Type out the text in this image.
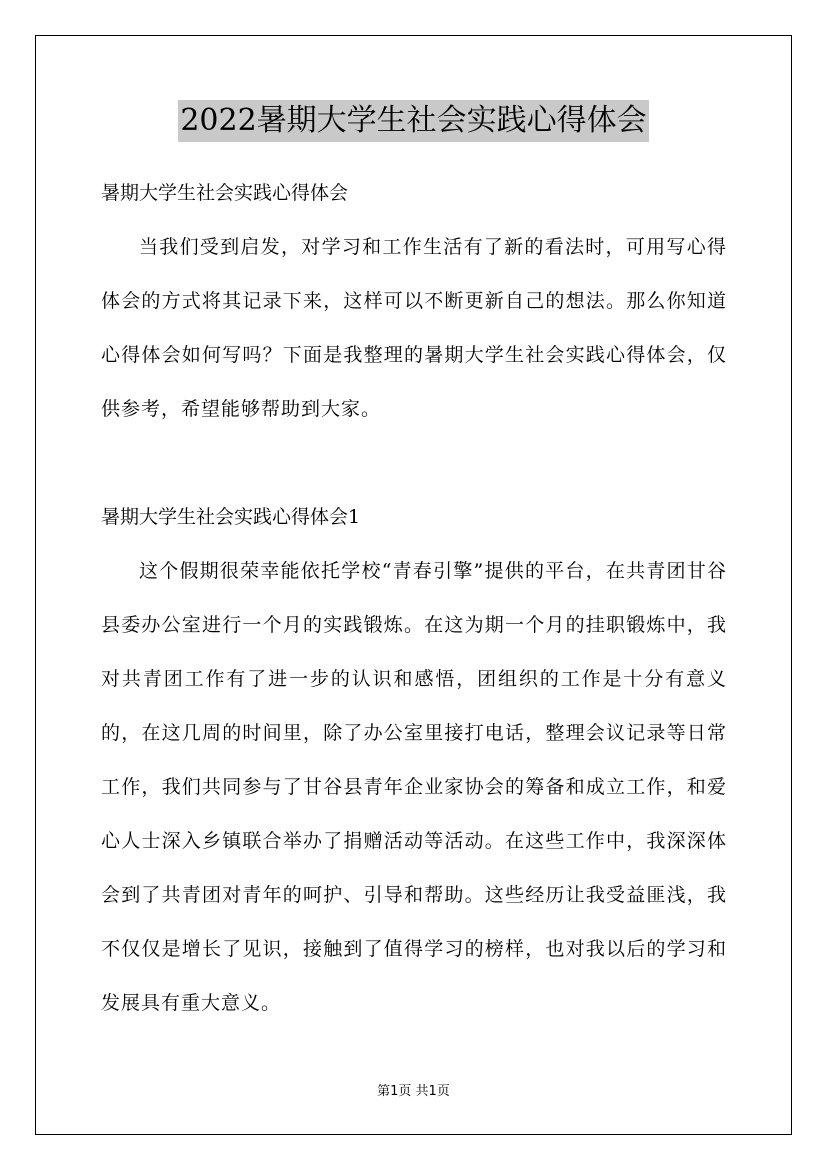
2022暑期大学生社会实践心得体会

暑期大学生社会实践心得体会

当我们受到启发，对学习和工作生活有了新的看法时，可用写心得体会的方式将其记录下来，这样可以不断更新自己的想法。那么你知道心得体会如何写吗？下面是我整理的暑期大学生社会实践心得体会，仅供参考，希望能够帮助到大家。

暑期大学生社会实践心得体会1

这个假期很荣幸能依托学校“青春引擎”提供的平台，在共青团甘谷县委办公室进行一个月的实践锻炼。在这为期一个月的挂职锻炼中，我对共青团工作有了进一步的认识和感悟，团组织的工作是十分有意义的，在这几周的时间里，除了办公室里接打电话，整理会议记录等日常工作，我们共同参与了甘谷县青年企业家协会的筹备和成立工作，和爱心人士深入乡镇联合举办了捐赠活动等活动。在这些工作中，我深深体会到了共青团对青年的呵护、引导和帮助。这些经历让我受益匪浅，我不仅仅是增长了见识，接触到了值得学习的榜样，也对我以后的学习和发展具有重大意义。

第1页 共1页
